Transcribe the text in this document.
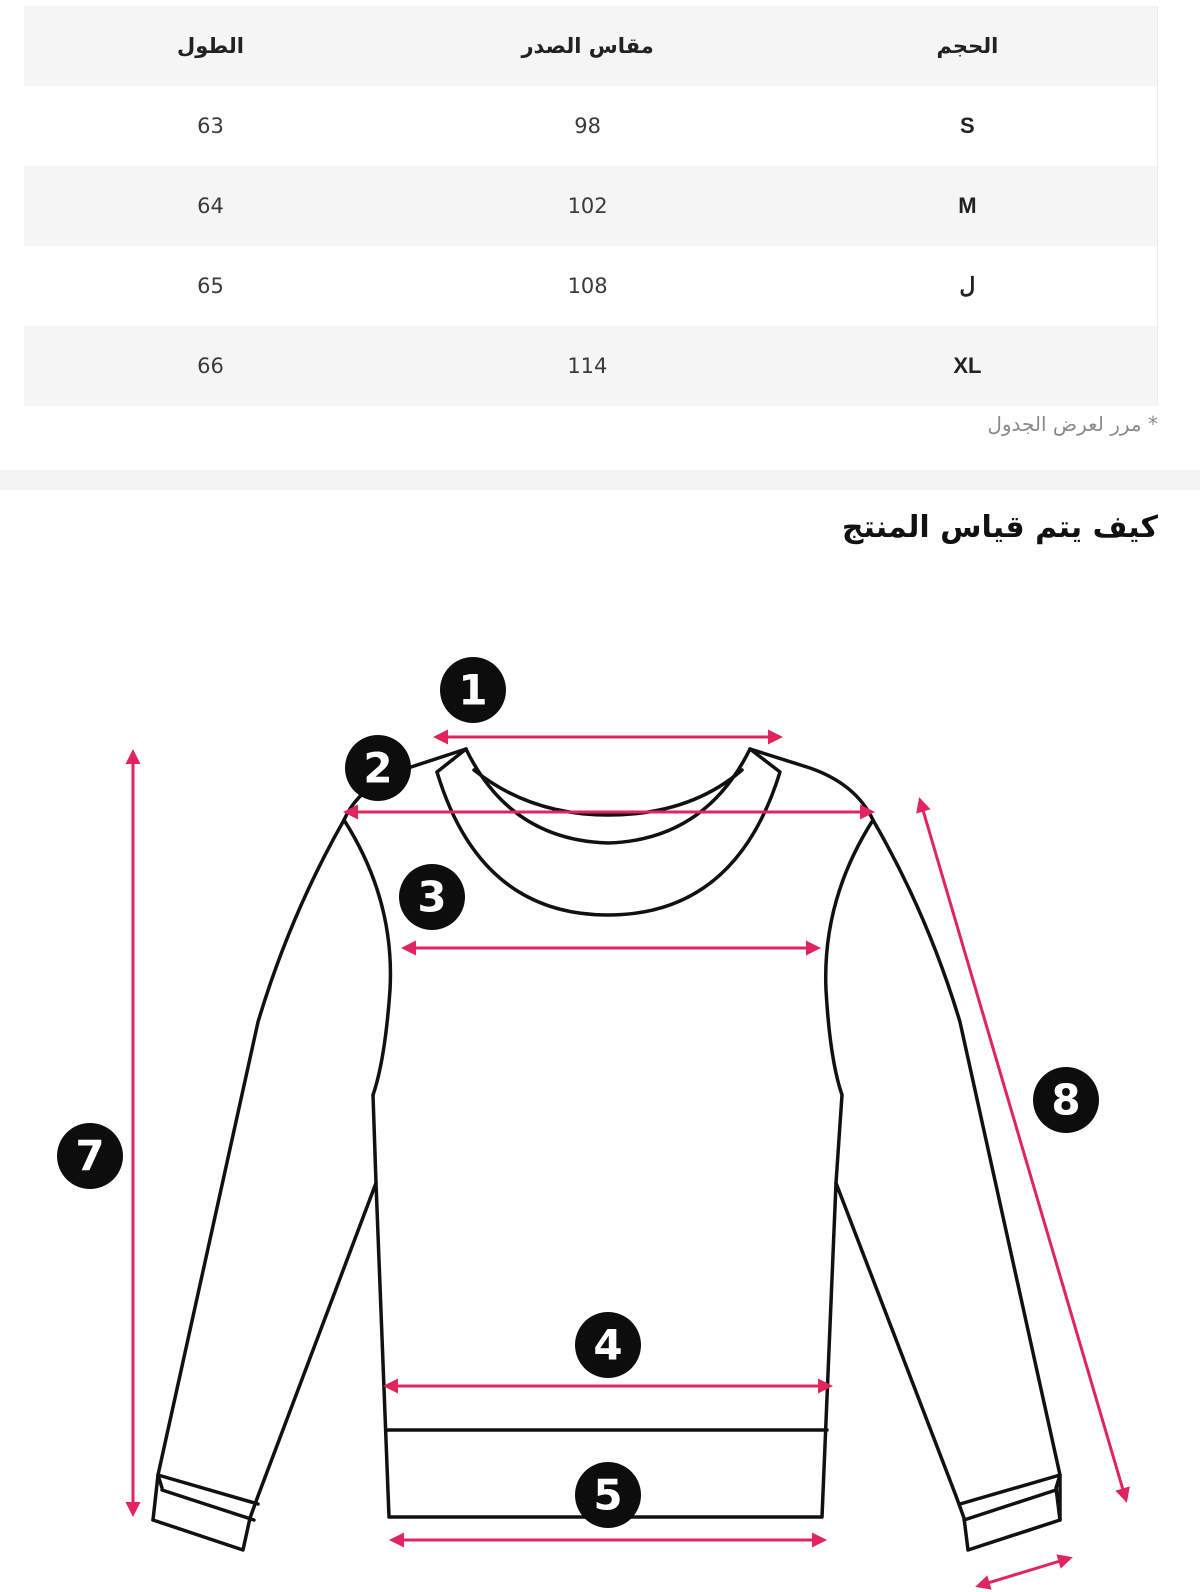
الحجم	مقاس الصدر	الطول
S	98	63
M	102	64
ل	108	65
XL	114	66
* مرر لعرض الجدول
كيف يتم قياس المنتج
1
2
3
4
5
7
8
